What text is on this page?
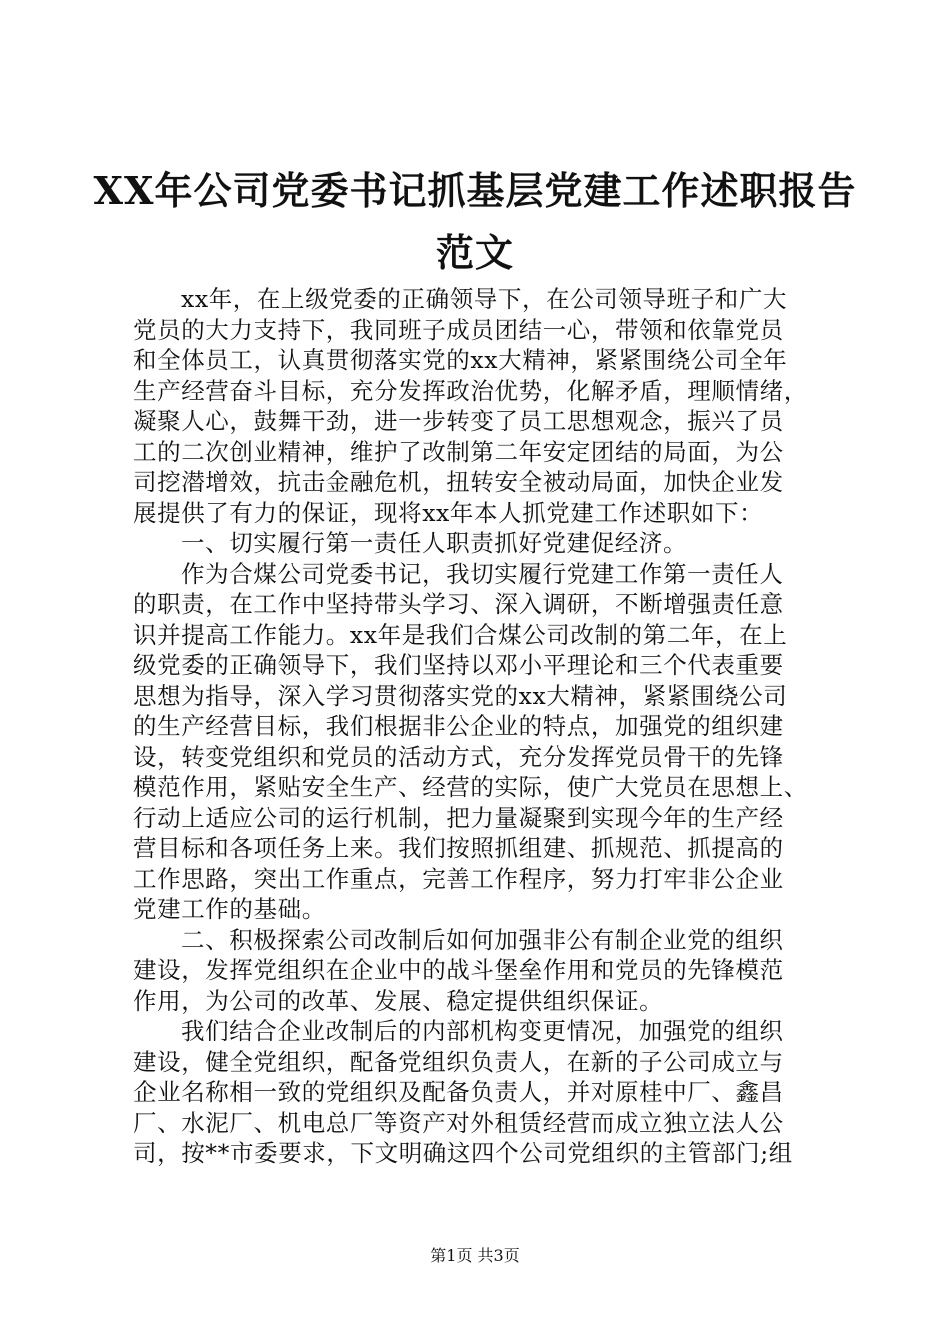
XX年公司党委书记抓基层党建工作述职报告
范文
xx年，在上级党委的正确领导下，在公司领导班子和广大
党员的大力支持下，我同班子成员团结一心，带领和依靠党员
和全体员工，认真贯彻落实党的xx大精神，紧紧围绕公司全年
生产经营奋斗目标，充分发挥政治优势，化解矛盾，理顺情绪，
凝聚人心，鼓舞干劲，进一步转变了员工思想观念，振兴了员
工的二次创业精神，维护了改制第二年安定团结的局面，为公
司挖潜增效，抗击金融危机，扭转安全被动局面，加快企业发
展提供了有力的保证，现将xx年本人抓党建工作述职如下：
一、切实履行第一责任人职责抓好党建促经济。
作为合煤公司党委书记，我切实履行党建工作第一责任人
的职责，在工作中坚持带头学习、深入调研，不断增强责任意
识并提高工作能力。xx年是我们合煤公司改制的第二年，在上
级党委的正确领导下，我们坚持以邓小平理论和三个代表重要
思想为指导，深入学习贯彻落实党的xx大精神，紧紧围绕公司
的生产经营目标，我们根据非公企业的特点，加强党的组织建
设，转变党组织和党员的活动方式，充分发挥党员骨干的先锋
模范作用，紧贴安全生产、经营的实际，使广大党员在思想上、
行动上适应公司的运行机制，把力量凝聚到实现今年的生产经
营目标和各项任务上来。我们按照抓组建、抓规范、抓提高的
工作思路，突出工作重点，完善工作程序，努力打牢非公企业
党建工作的基础。
二、积极探索公司改制后如何加强非公有制企业党的组织
建设，发挥党组织在企业中的战斗堡垒作用和党员的先锋模范
作用，为公司的改革、发展、稳定提供组织保证。
我们结合企业改制后的内部机构变更情况，加强党的组织
建设，健全党组织，配备党组织负责人，在新的子公司成立与
企业名称相一致的党组织及配备负责人，并对原桂中厂、鑫昌
厂、水泥厂、机电总厂等资产对外租赁经营而成立独立法人公
司，按**市委要求，下文明确这四个公司党组织的主管部门;组
第1页 共3页
